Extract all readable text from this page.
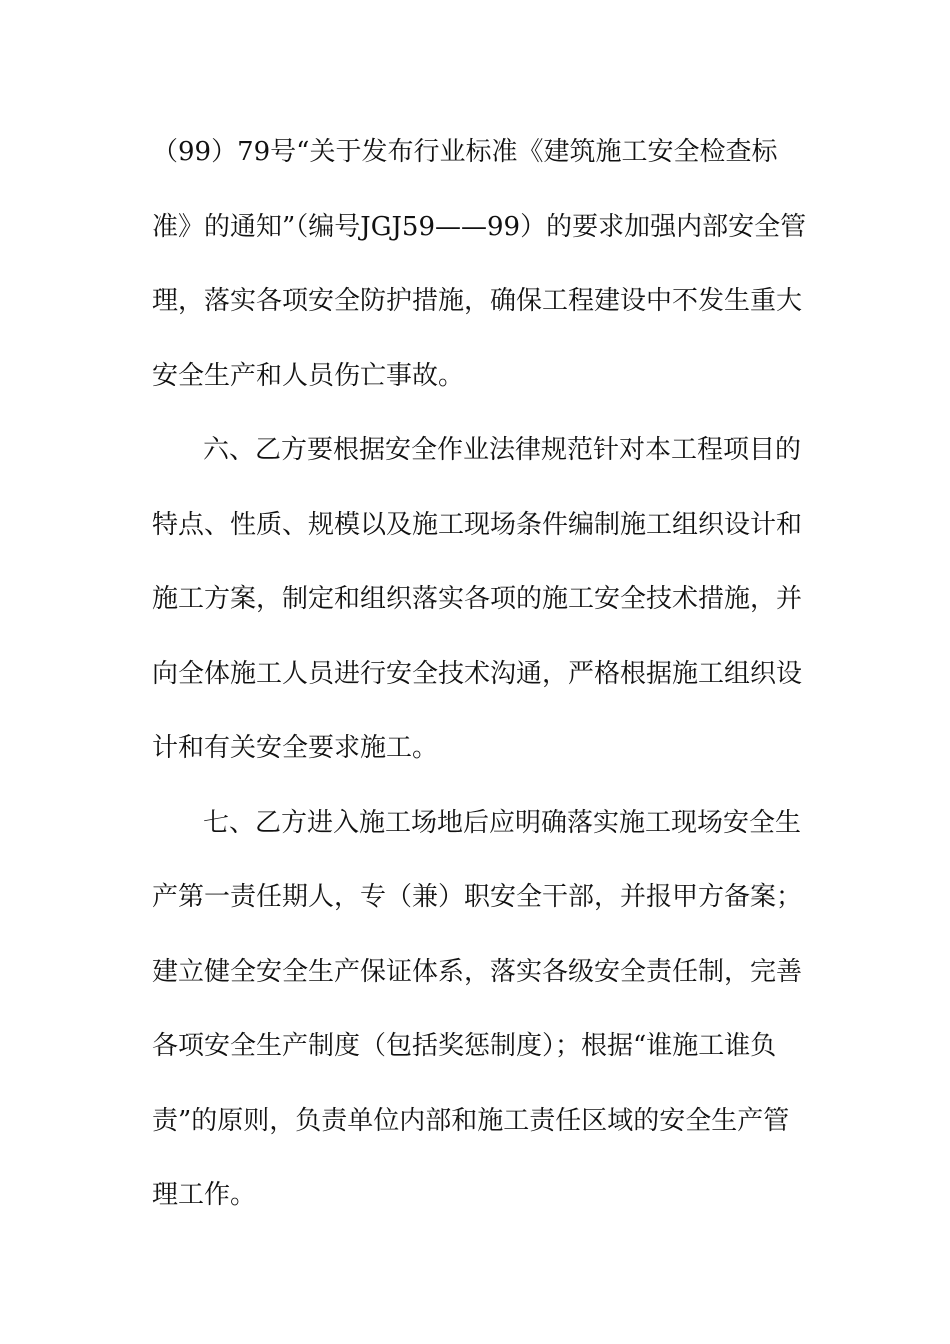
（99）79号“关于发布行业标准《建筑施工安全检查标
准》的通知”（编号JGJ59——99）的要求加强内部安全管
理，落实各项安全防护措施，确保工程建设中不发生重大
安全生产和人员伤亡事故。
六、乙方要根据安全作业法律规范针对本工程项目的
特点、性质、规模以及施工现场条件编制施工组织设计和
施工方案，制定和组织落实各项的施工安全技术措施，并
向全体施工人员进行安全技术沟通，严格根据施工组织设
计和有关安全要求施工。
七、乙方进入施工场地后应明确落实施工现场安全生
产第一责任期人，专（兼）职安全干部，并报甲方备案；
建立健全安全生产保证体系，落实各级安全责任制，完善
各项安全生产制度（包括奖惩制度）；根据“谁施工谁负
责”的原则，负责单位内部和施工责任区域的安全生产管
理工作。
